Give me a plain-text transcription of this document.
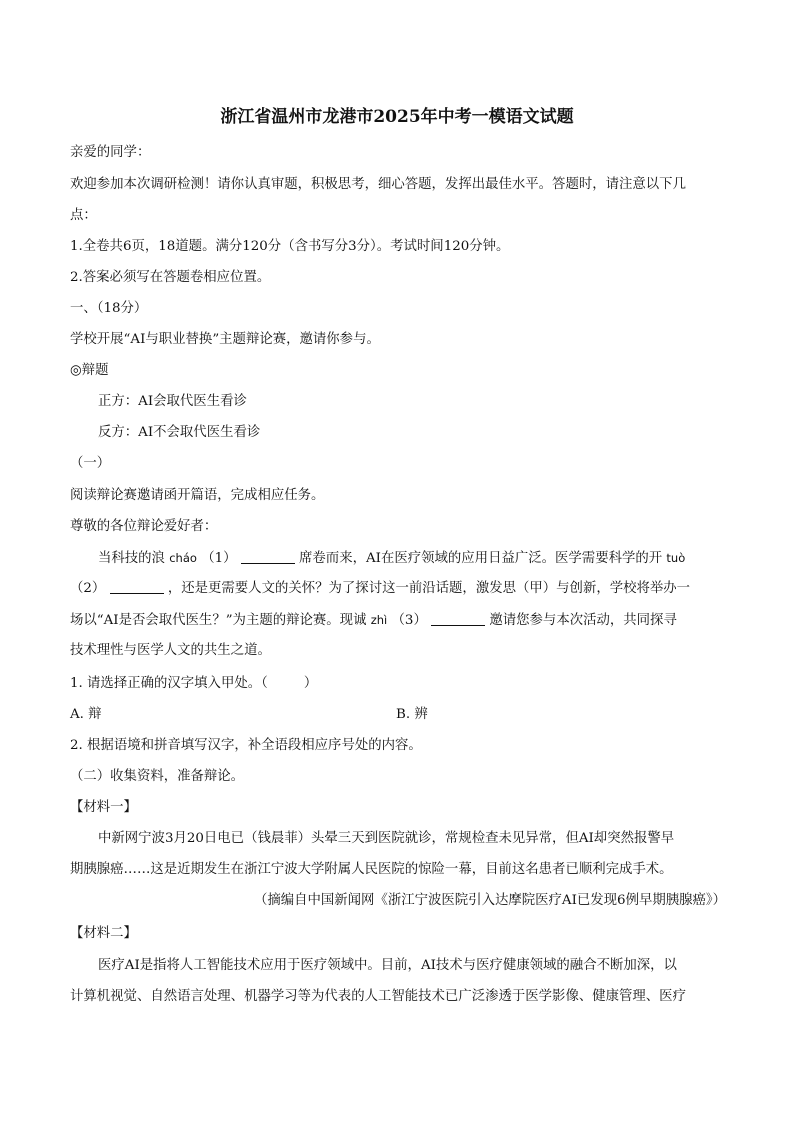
浙江省温州市龙港市2025年中考一模语文试题
亲爱的同学：
欢迎参加本次调研检测！请你认真审题，积极思考，细心答题，发挥出最佳水平。答题时，请注意以下几
点：
1.全卷共6页，18道题。满分120分（含书写分3分）。考试时间120分钟。
2.答案必须写在答题卷相应位置。
一、（18分）
学校开展“AI与职业替换”主题辩论赛，邀请你参与。
◎辩题
正方：AI会取代医生看诊
反方：AI不会取代医生看诊
（一）
阅读辩论赛邀请函开篇语，完成相应任务。
尊敬的各位辩论爱好者：
当科技的浪 cháo （1）	席卷而来，AI在医疗领域的应用日益广泛。医学需要科学的开 tuò
（2）	，还是更需要人文的关怀？为了探讨这一前沿话题，激发思（甲）与创新，学校将举办一
场以“AI是否会取代医生？”为主题的辩论赛。现诚 zhì （3）	邀请您参与本次活动，共同探寻
技术理性与医学人文的共生之道。
1. 请选择正确的汉字填入甲处。（	）
A. 辩	B. 辨
2. 根据语境和拼音填写汉字，补全语段相应序号处的内容。
（二）收集资料，准备辩论。
【材料一】
中新网宁波3月20日电已（钱晨菲）头晕三天到医院就诊，常规检查未见异常，但AI却突然报警早
期胰腺癌……这是近期发生在浙江宁波大学附属人民医院的惊险一幕，目前这名患者已顺利完成手术。
（摘编自中国新闻网《浙江宁波医院引入达摩院医疗AI已发现6例早期胰腺癌》）
【材料二】
医疗AI是指将人工智能技术应用于医疗领域中。目前，AI技术与医疗健康领域的融合不断加深，以
计算机视觉、自然语言处理、机器学习等为代表的人工智能技术已广泛渗透于医学影像、健康管理、医疗
